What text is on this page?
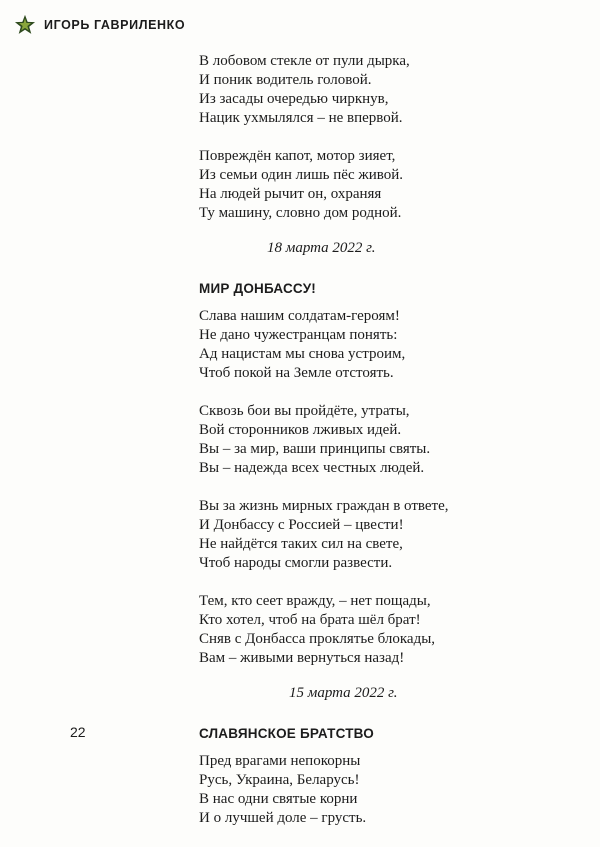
ИГОРЬ ГАВРИЛЕНКО
В лобовом стекле от пули дырка,
И поник водитель головой.
Из засады очередью чиркнув,
Нацик ухмылялся – не впервой.
Повреждён капот, мотор зияет,
Из семьи один лишь пёс живой.
На людей рычит он, охраняя
Ту машину, словно дом родной.
18 марта 2022 г.
МИР ДОНБАССУ!
Слава нашим солдатам-героям!
Не дано чужестранцам понять:
Ад нацистам мы снова устроим,
Чтоб покой на Земле отстоять.
Сквозь бои вы пройдёте, утраты,
Вой сторонников лживых идей.
Вы – за мир, ваши принципы святы.
Вы – надежда всех честных людей.
Вы за жизнь мирных граждан в ответе,
И Донбассу с Россией – цвести!
Не найдётся таких сил на свете,
Чтоб народы смогли развести.
Тем, кто сеет вражду, – нет пощады,
Кто хотел, чтоб на брата шёл брат!
Сняв с Донбасса проклятье блокады,
Вам – живыми вернуться назад!
15 марта 2022 г.
СЛАВЯНСКОЕ БРАТСТВО
Пред врагами непокорны
Русь, Украина, Беларусь!
В нас одни святые корни
И о лучшей доле – грусть.
22
